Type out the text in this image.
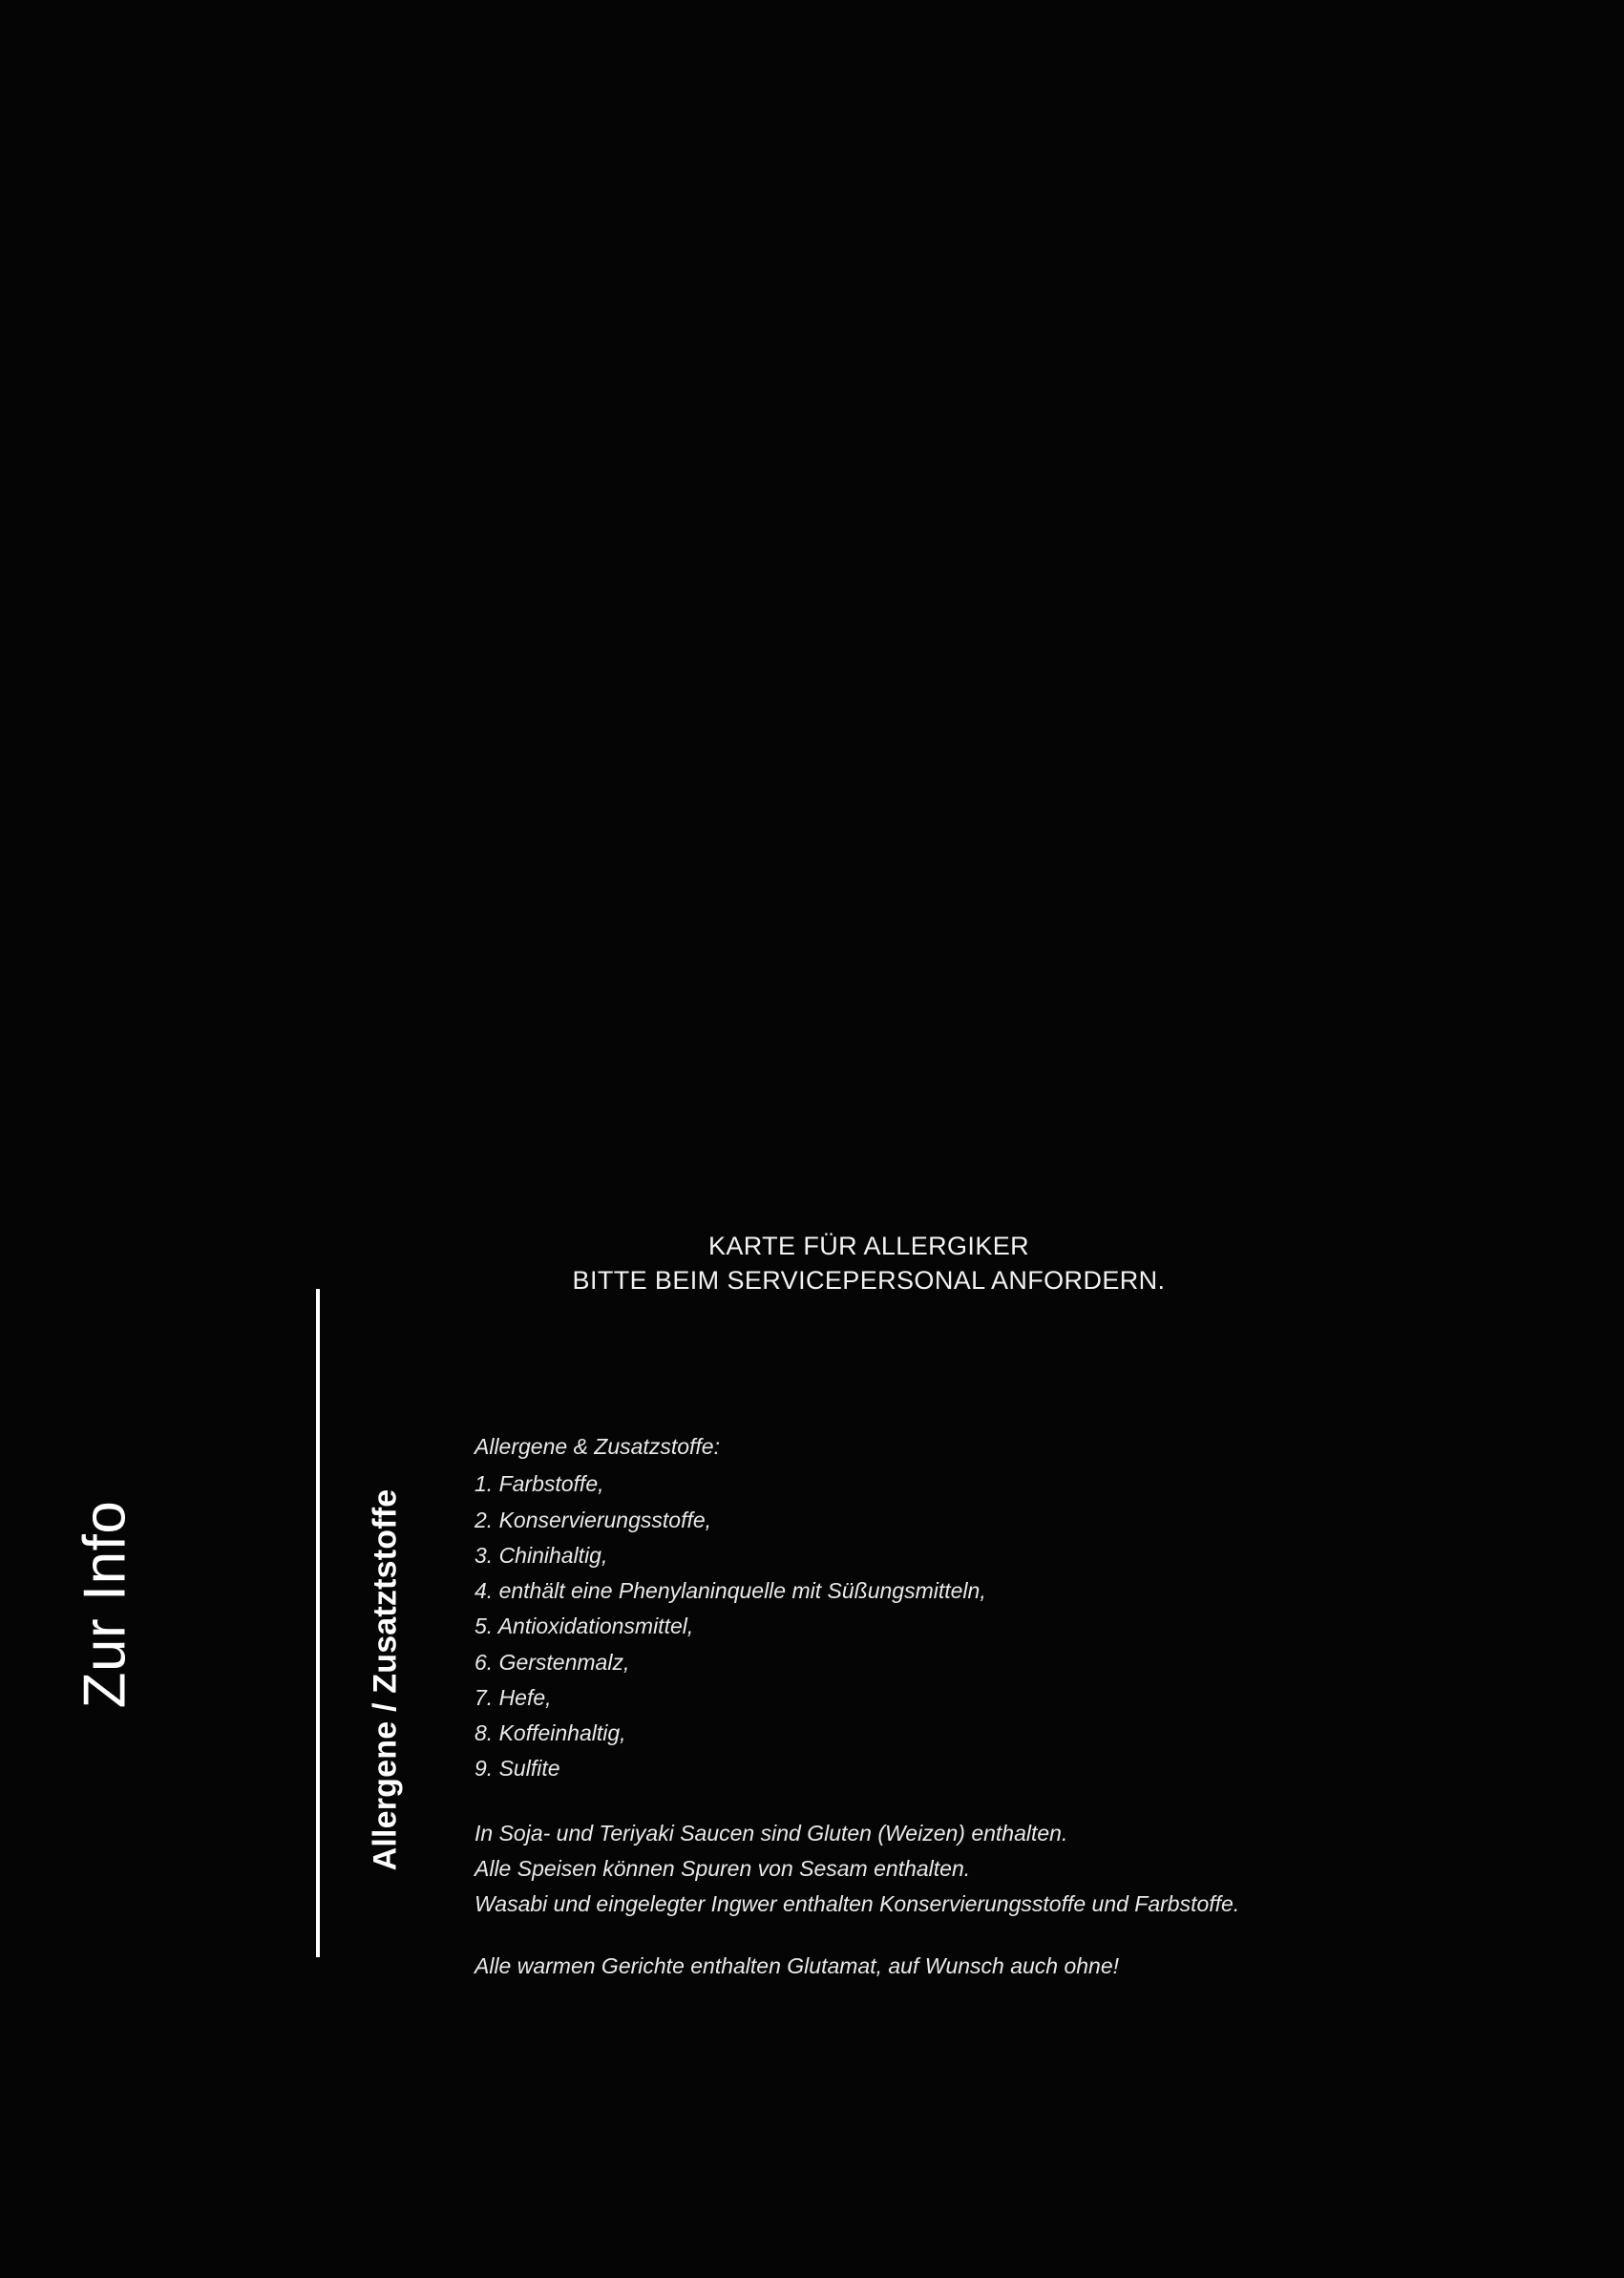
KARTE FÜR ALLERGIKER
BITTE BEIM SERVICEPERSONAL ANFORDERN.
Zur Info	Allergene / Zusatztstoffe
Allergene & Zusatzstoffe:
1. Farbstoffe,
2. Konservierungsstoffe,
3. Chinihaltig,
4. enthält eine Phenylaninquelle mit Süßungsmitteln,
5. Antioxidationsmittel,
6. Gerstenmalz,
7. Hefe,
8. Koffeinhaltig,
9. Sulfite
In Soja- und Teriyaki Saucen sind Gluten (Weizen) enthalten.
Alle Speisen können Spuren von Sesam enthalten.
Wasabi und eingelegter Ingwer enthalten Konservierungsstoffe und Farbstoffe.
Alle warmen Gerichte enthalten Glutamat, auf Wunsch auch ohne!
